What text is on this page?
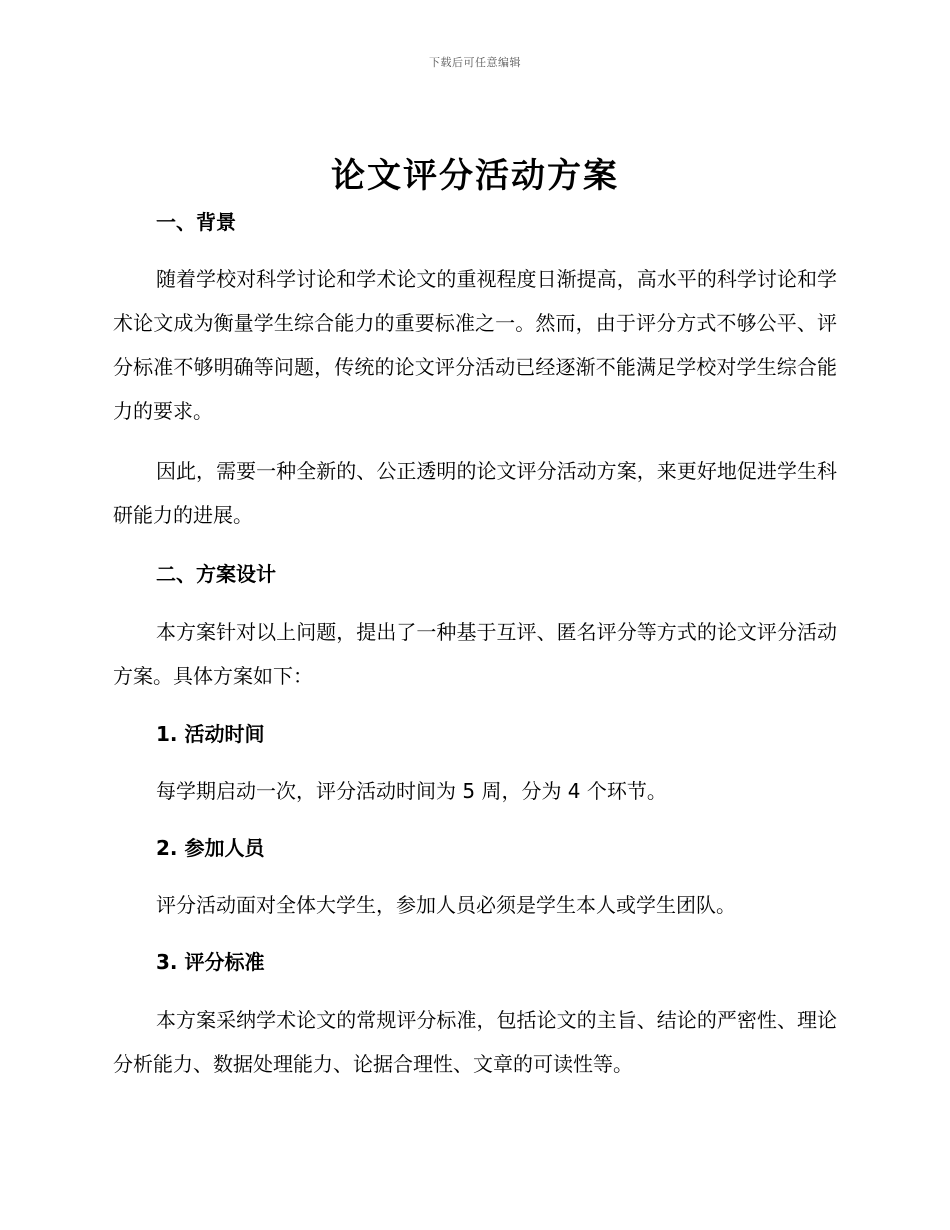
下载后可任意编辑
论文评分活动方案
一、背景

随着学校对科学讨论和学术论文的重视程度日渐提高，高水平的科学讨论和学术论文成为衡量学生综合能力的重要标准之一。然而，由于评分方式不够公平、评分标准不够明确等问题，传统的论文评分活动已经逐渐不能满足学校对学生综合能力的要求。

因此，需要一种全新的、公正透明的论文评分活动方案，来更好地促进学生科研能力的进展。

二、方案设计

本方案针对以上问题，提出了一种基于互评、匿名评分等方式的论文评分活动方案。具体方案如下：

1. 活动时间

每学期启动一次，评分活动时间为 5 周，分为 4 个环节。

2. 参加人员

评分活动面对全体大学生，参加人员必须是学生本人或学生团队。

3. 评分标准

本方案采纳学术论文的常规评分标准，包括论文的主旨、结论的严密性、理论分析能力、数据处理能力、论据合理性、文章的可读性等。
